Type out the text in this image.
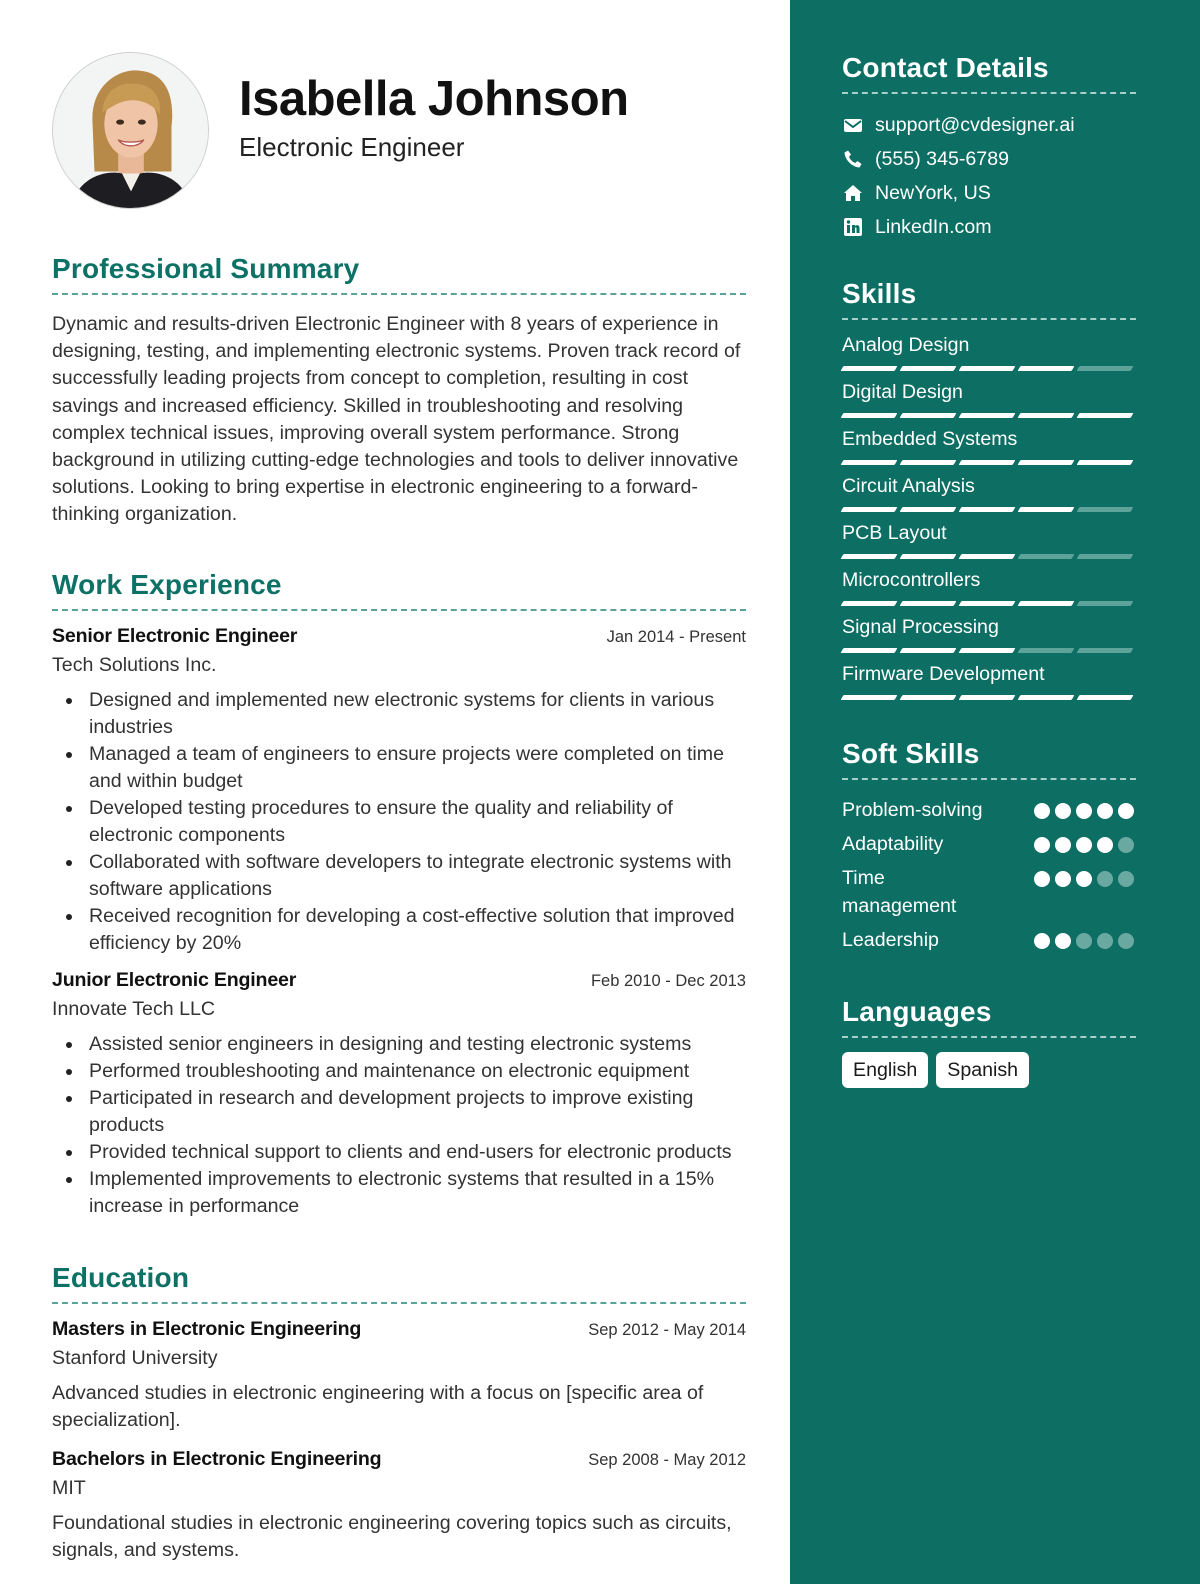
Isabella Johnson
Electronic Engineer
Professional Summary

Dynamic and results-driven Electronic Engineer with 8 years of experience in designing, testing, and implementing electronic systems. Proven track record of successfully leading projects from concept to completion, resulting in cost savings and increased efficiency. Skilled in troubleshooting and resolving complex technical issues, improving overall system performance. Strong background in utilizing cutting-edge technologies and tools to deliver innovative solutions. Looking to bring expertise in electronic engineering to a forward-thinking organization.

Work Experience
Senior Electronic Engineer	Jan 2014 - Present
Tech Solutions Inc.
Designed and implemented new electronic systems for clients in various industries
Managed a team of engineers to ensure projects were completed on time and within budget
Developed testing procedures to ensure the quality and reliability of electronic components
Collaborated with software developers to integrate electronic systems with software applications
Received recognition for developing a cost-effective solution that improved efficiency by 20%
Junior Electronic Engineer	Feb 2010 - Dec 2013
Innovate Tech LLC
Assisted senior engineers in designing and testing electronic systems
Performed troubleshooting and maintenance on electronic equipment
Participated in research and development projects to improve existing products
Provided technical support to clients and end-users for electronic products
Implemented improvements to electronic systems that resulted in a 15% increase in performance
Education
Masters in Electronic Engineering	Sep 2012 - May 2014
Stanford University

Advanced studies in electronic engineering with a focus on [specific area of specialization].

Bachelors in Electronic Engineering	Sep 2008 - May 2012
MIT

Foundational studies in electronic engineering covering topics such as circuits, signals, and systems.

Contact Details
support@cvdesigner.ai
(555) 345-6789
NewYork, US
LinkedIn.com
Skills
Analog Design
Digital Design
Embedded Systems
Circuit Analysis
PCB Layout
Microcontrollers
Signal Processing
Firmware Development
Soft Skills
Problem-solving
Adaptability
Time management
Leadership
Languages
English	Spanish
